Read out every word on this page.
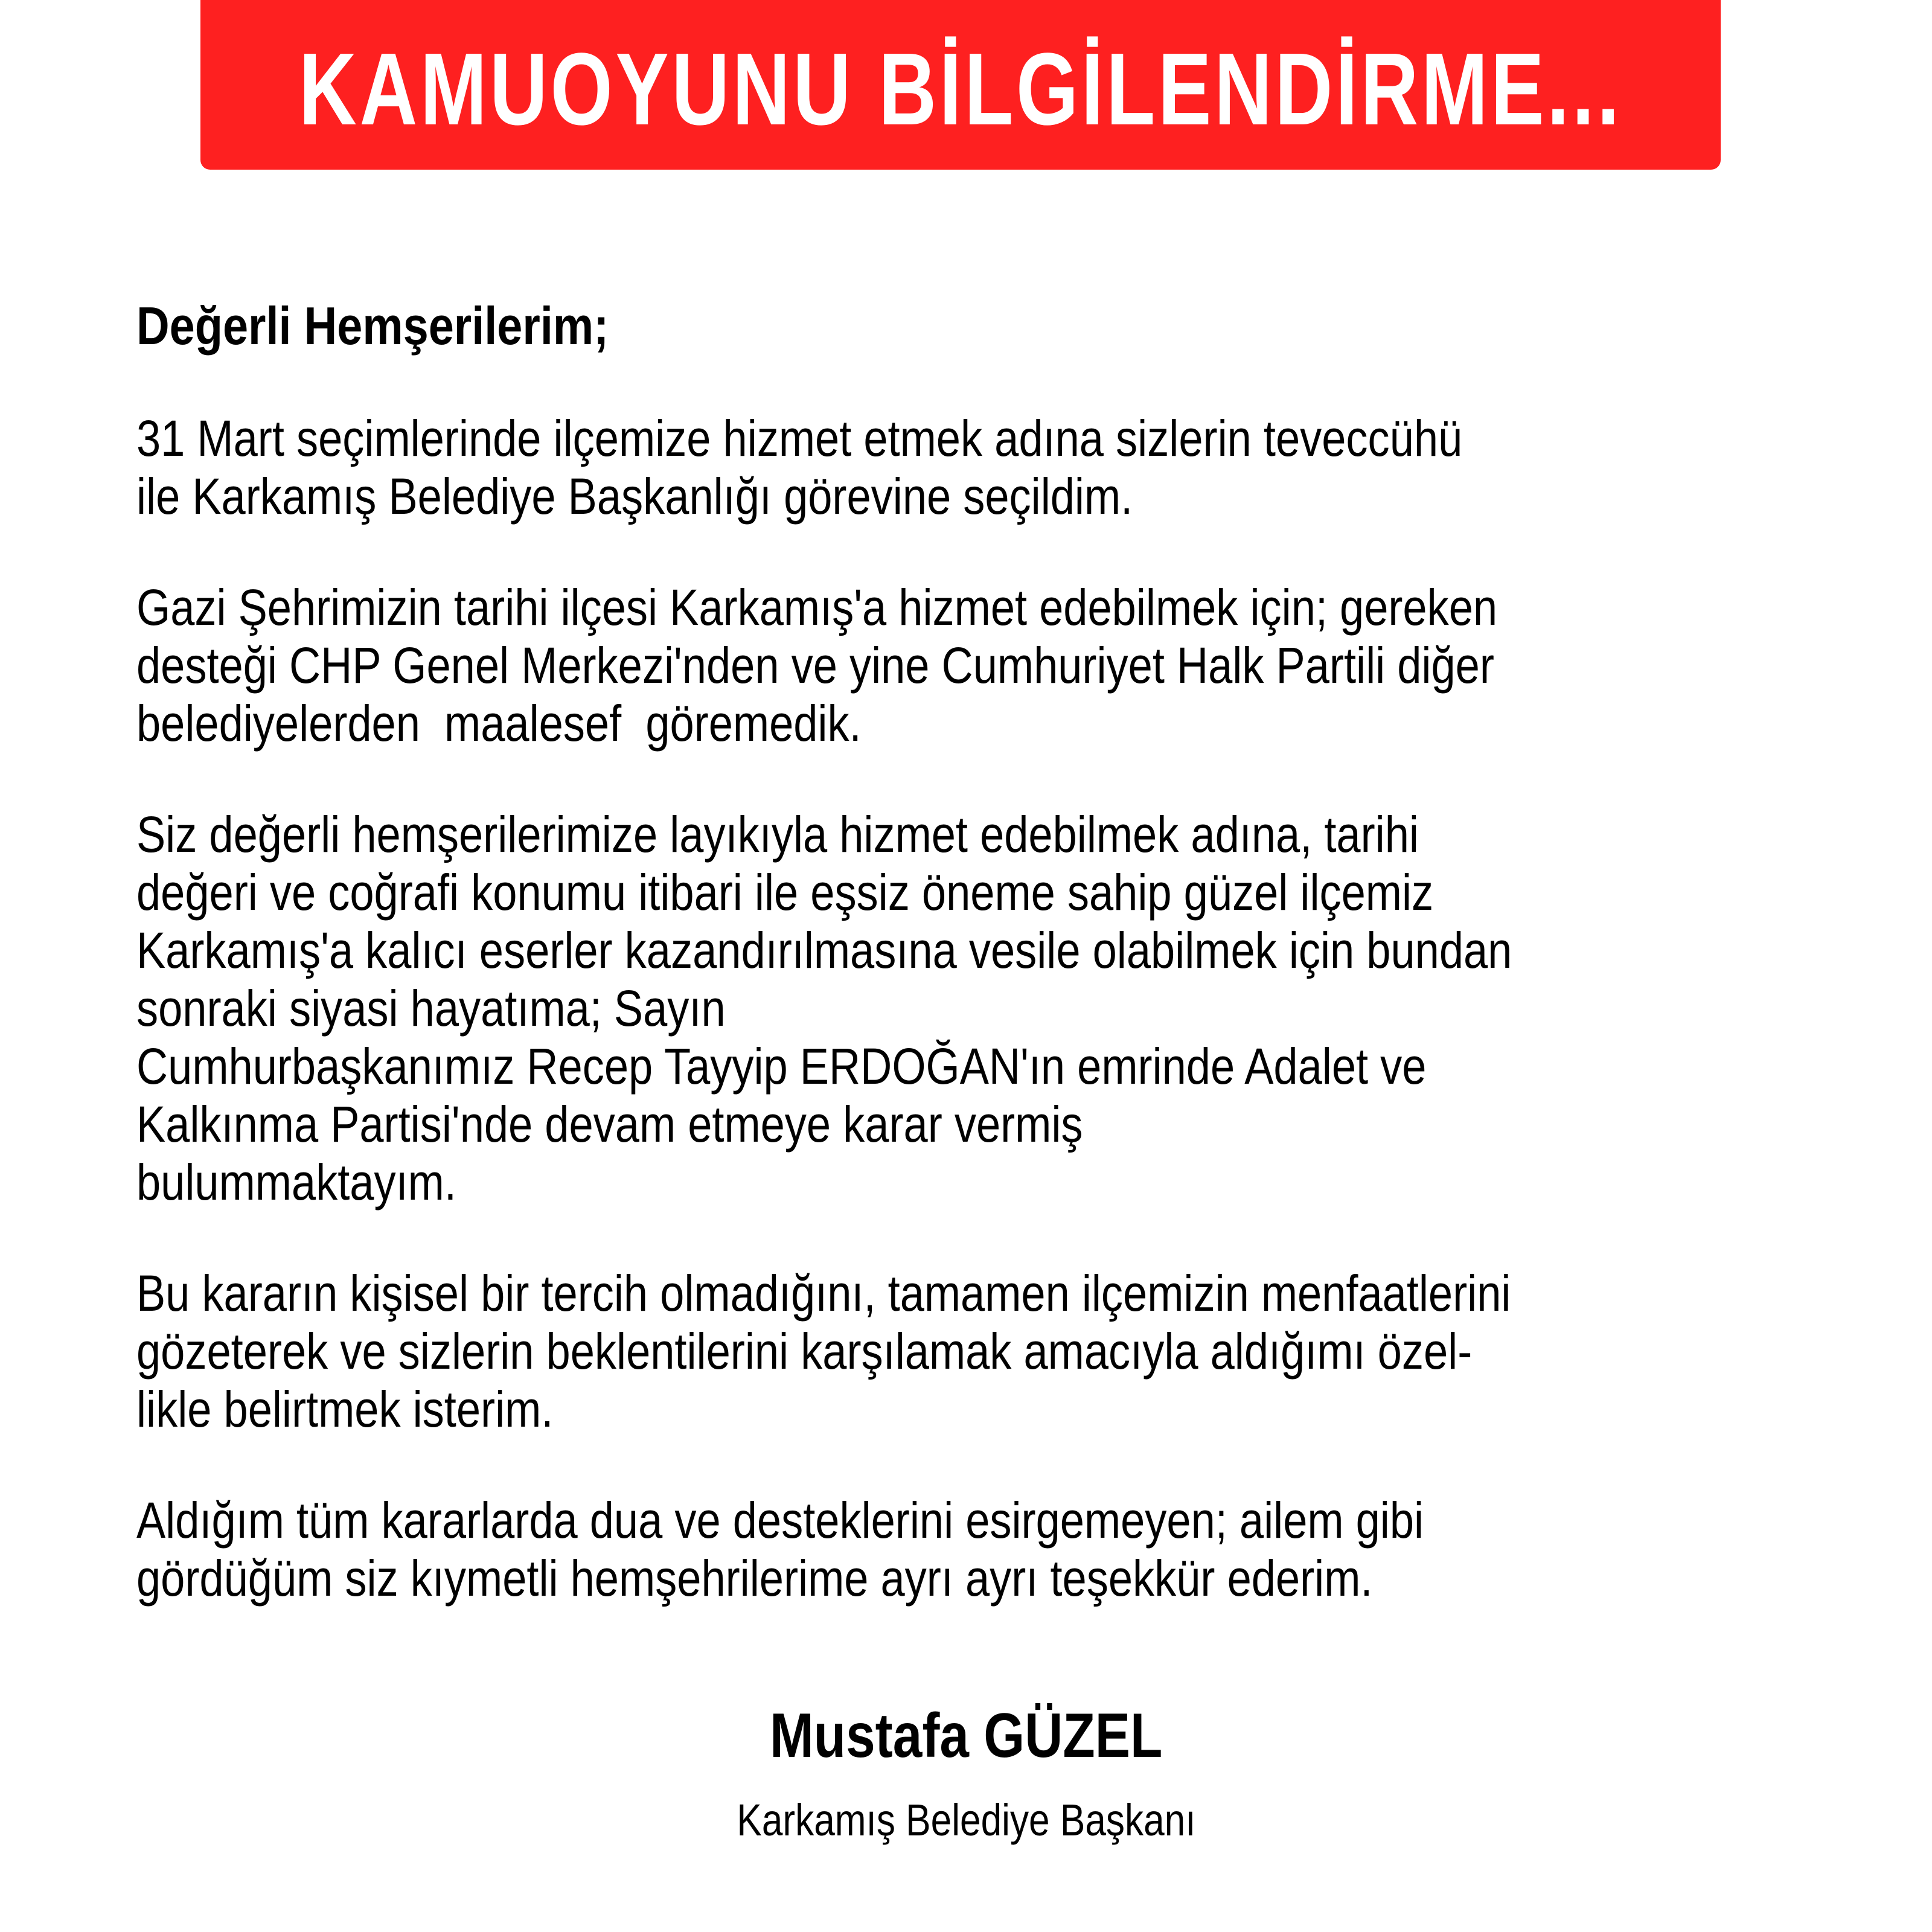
KAMUOYUNU BİLGİLENDİRME...

Değerli Hemşerilerim;

31 Mart seçimlerinde ilçemize hizmet etmek adına sizlerin teveccühü
ile Karkamış Belediye Başkanlığı görevine seçildim.

Gazi Şehrimizin tarihi ilçesi Karkamış'a hizmet edebilmek için; gereken
desteği CHP Genel Merkezi'nden ve yine Cumhuriyet Halk Partili diğer
belediyelerden  maalesef  göremedik.

Siz değerli hemşerilerimize layıkıyla hizmet edebilmek adına, tarihi
değeri ve coğrafi konumu itibari ile eşsiz öneme sahip güzel ilçemiz
Karkamış'a kalıcı eserler kazandırılmasına vesile olabilmek için bundan
sonraki siyasi hayatıma; Sayın
Cumhurbaşkanımız Recep Tayyip ERDOĞAN'ın emrinde Adalet ve
Kalkınma Partisi'nde devam etmeye karar vermiş
bulummaktayım.

Bu kararın kişisel bir tercih olmadığını, tamamen ilçemizin menfaatlerini
gözeterek ve sizlerin beklentilerini karşılamak amacıyla aldığımı özel-
likle belirtmek isterim.

Aldığım tüm kararlarda dua ve desteklerini esirgemeyen; ailem gibi
gördüğüm siz kıymetli hemşehrilerime ayrı ayrı teşekkür ederim.

Mustafa GÜZEL
Karkamış Belediye Başkanı
